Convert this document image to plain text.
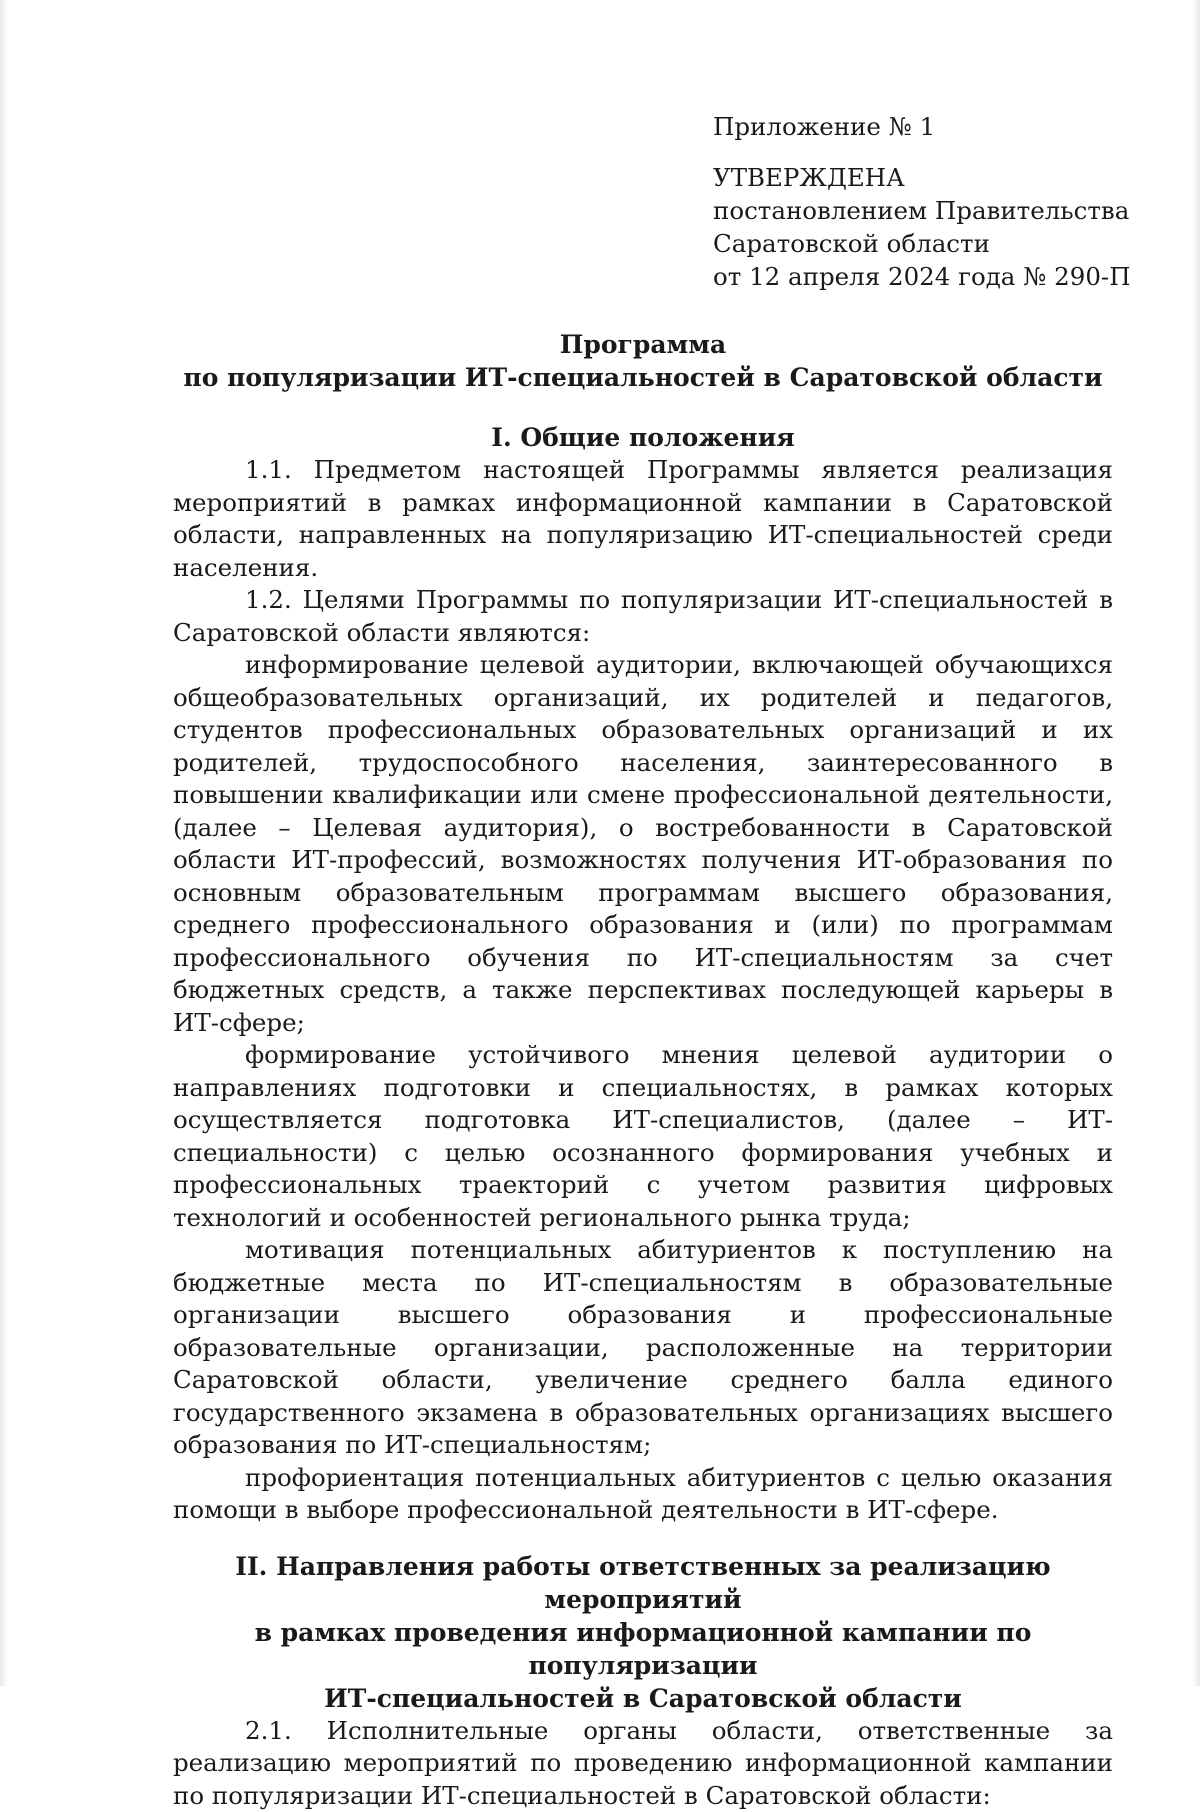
Приложение № 1
УТВЕРЖДЕНА
постановлением Правительства
Саратовской области
от 12 апреля 2024 года № 290-П

Программа

по популяризации ИТ-специальностей в Саратовской области

I. Общие положения

1.1. Предметом настоящей Программы является реализация мероприятий в рамках информационной кампании в Саратовской области, направленных на популяризацию ИТ-специальностей среди населения.

1.2. Целями Программы по популяризации ИТ-специальностей в Саратовской области являются:

информирование целевой аудитории, включающей обучающихся общеобразовательных организаций, их родителей и педагогов, студентов профессиональных образовательных организаций и их родителей, трудоспособного населения, заинтересованного в повышении квалификации или смене профессиональной деятельности, (далее – Целевая аудитория), о востребованности в Саратовской области ИТ-профессий, возможностях получения ИТ-образования по основным образовательным программам высшего образования, среднего профессионального образования и (или) по программам профессионального обучения по ИТ-специальностям за счет бюджетных средств, а также перспективах последующей карьеры в ИТ-сфере;

формирование устойчивого мнения целевой аудитории о направлениях подготовки и специальностях, в рамках которых осуществляется подготовка ИТ-специалистов, (далее – ИТ-специальности) с целью осознанного формирования учебных и профессиональных траекторий с учетом развития цифровых технологий и особенностей регионального рынка труда;

мотивация потенциальных абитуриентов к поступлению на бюджетные места по ИТ-специальностям в образовательные организации высшего образования и профессиональные образовательные организации, расположенные на территории Саратовской области, увеличение среднего балла единого государственного экзамена в образовательных организациях высшего образования по ИТ-специальностям;

профориентация потенциальных абитуриентов с целью оказания помощи в выборе профессиональной деятельности в ИТ-сфере.

II. Направления работы ответственных за реализацию мероприятий

в рамках проведения информационной кампании по популяризации

ИТ-специальностей в Саратовской области

2.1. Исполнительные органы области, ответственные за реализацию мероприятий по проведению информационной кампании по популяризации ИТ-специальностей в Саратовской области:
